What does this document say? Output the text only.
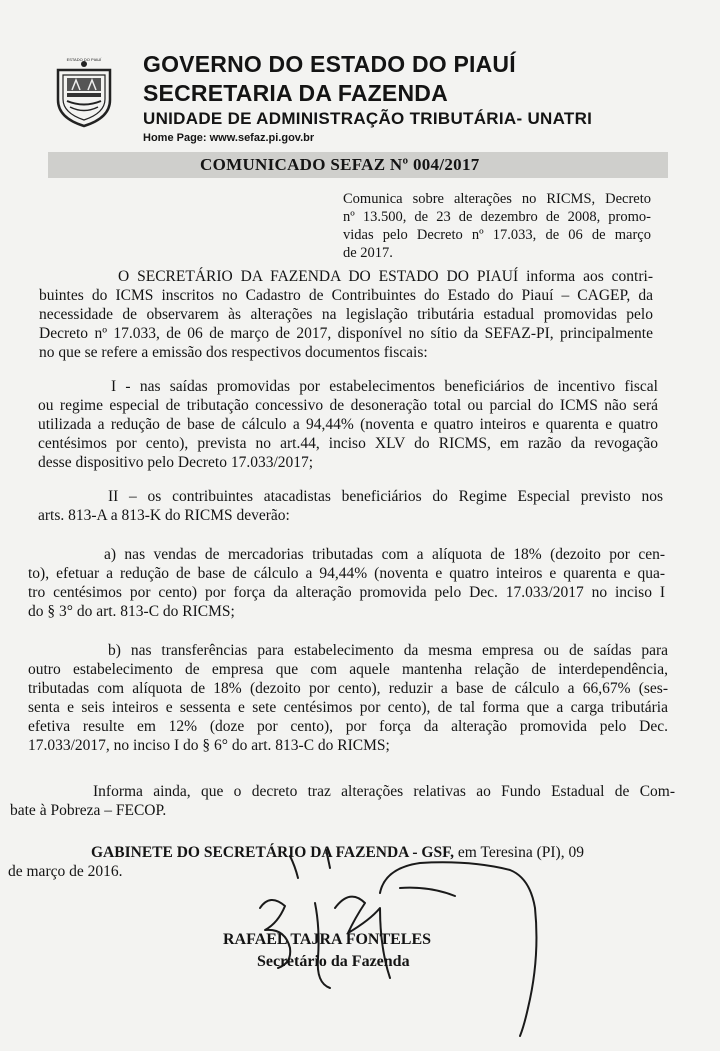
ESTADO DO PIAUÍ GOVERNO DO ESTADO DO PIAUÍ
SECRETARIA DA FAZENDA
UNIDADE DE ADMINISTRAÇÃO TRIBUTÁRIA- UNATRI
Home Page: www.sefaz.pi.gov.br
COMUNICADO SEFAZ Nº 004/2017
Comunica sobre alterações no RICMS, Decreto
nº 13.500, de 23 de dezembro de 2008, promo-
vidas pelo Decreto nº 17.033, de 06 de março
de 2017.
O SECRETÁRIO DA FAZENDA DO ESTADO DO PIAUÍ informa aos contri-
buintes do ICMS inscritos no Cadastro de Contribuintes do Estado do Piauí – CAGEP, da
necessidade de observarem às alterações na legislação tributária estadual promovidas pelo
Decreto nº 17.033, de 06 de março de 2017, disponível no sítio da SEFAZ-PI, principalmente
no que se refere a emissão dos respectivos documentos fiscais:
I - nas saídas promovidas por estabelecimentos beneficiários de incentivo fiscal
ou regime especial de tributação concessivo de desoneração total ou parcial do ICMS não será
utilizada a redução de base de cálculo a 94,44% (noventa e quatro inteiros e quarenta e quatro
centésimos por cento), prevista no art.44, inciso XLV do RICMS, em razão da revogação
desse dispositivo pelo Decreto 17.033/2017;
II – os contribuintes atacadistas beneficiários do Regime Especial previsto nos
arts. 813-A a 813-K do RICMS deverão:
a) nas vendas de mercadorias tributadas com a alíquota de 18% (dezoito por cen-
to), efetuar a redução de base de cálculo a 94,44% (noventa e quatro inteiros e quarenta e qua-
tro centésimos por cento) por força da alteração promovida pelo Dec. 17.033/2017 no inciso I
do § 3° do art. 813-C do RICMS;
b) nas transferências para estabelecimento da mesma empresa ou de saídas para
outro estabelecimento de empresa que com aquele mantenha relação de interdependência,
tributadas com alíquota de 18% (dezoito por cento), reduzir a base de cálculo a 66,67% (ses-
senta e seis inteiros e sessenta e sete centésimos por cento), de tal forma que a carga tributária
efetiva resulte em 12% (doze por cento), por força da alteração promovida pelo Dec.
17.033/2017, no inciso I do § 6° do art. 813-C do RICMS;
Informa ainda, que o decreto traz alterações relativas ao Fundo Estadual de Com-
bate à Pobreza – FECOP.
GABINETE DO SECRETÁRIO DA FAZENDA - GSF, em Teresina (PI), 09
de março de 2016.
RAFAEL TAJRA FONTELES
Secretário da Fazenda
